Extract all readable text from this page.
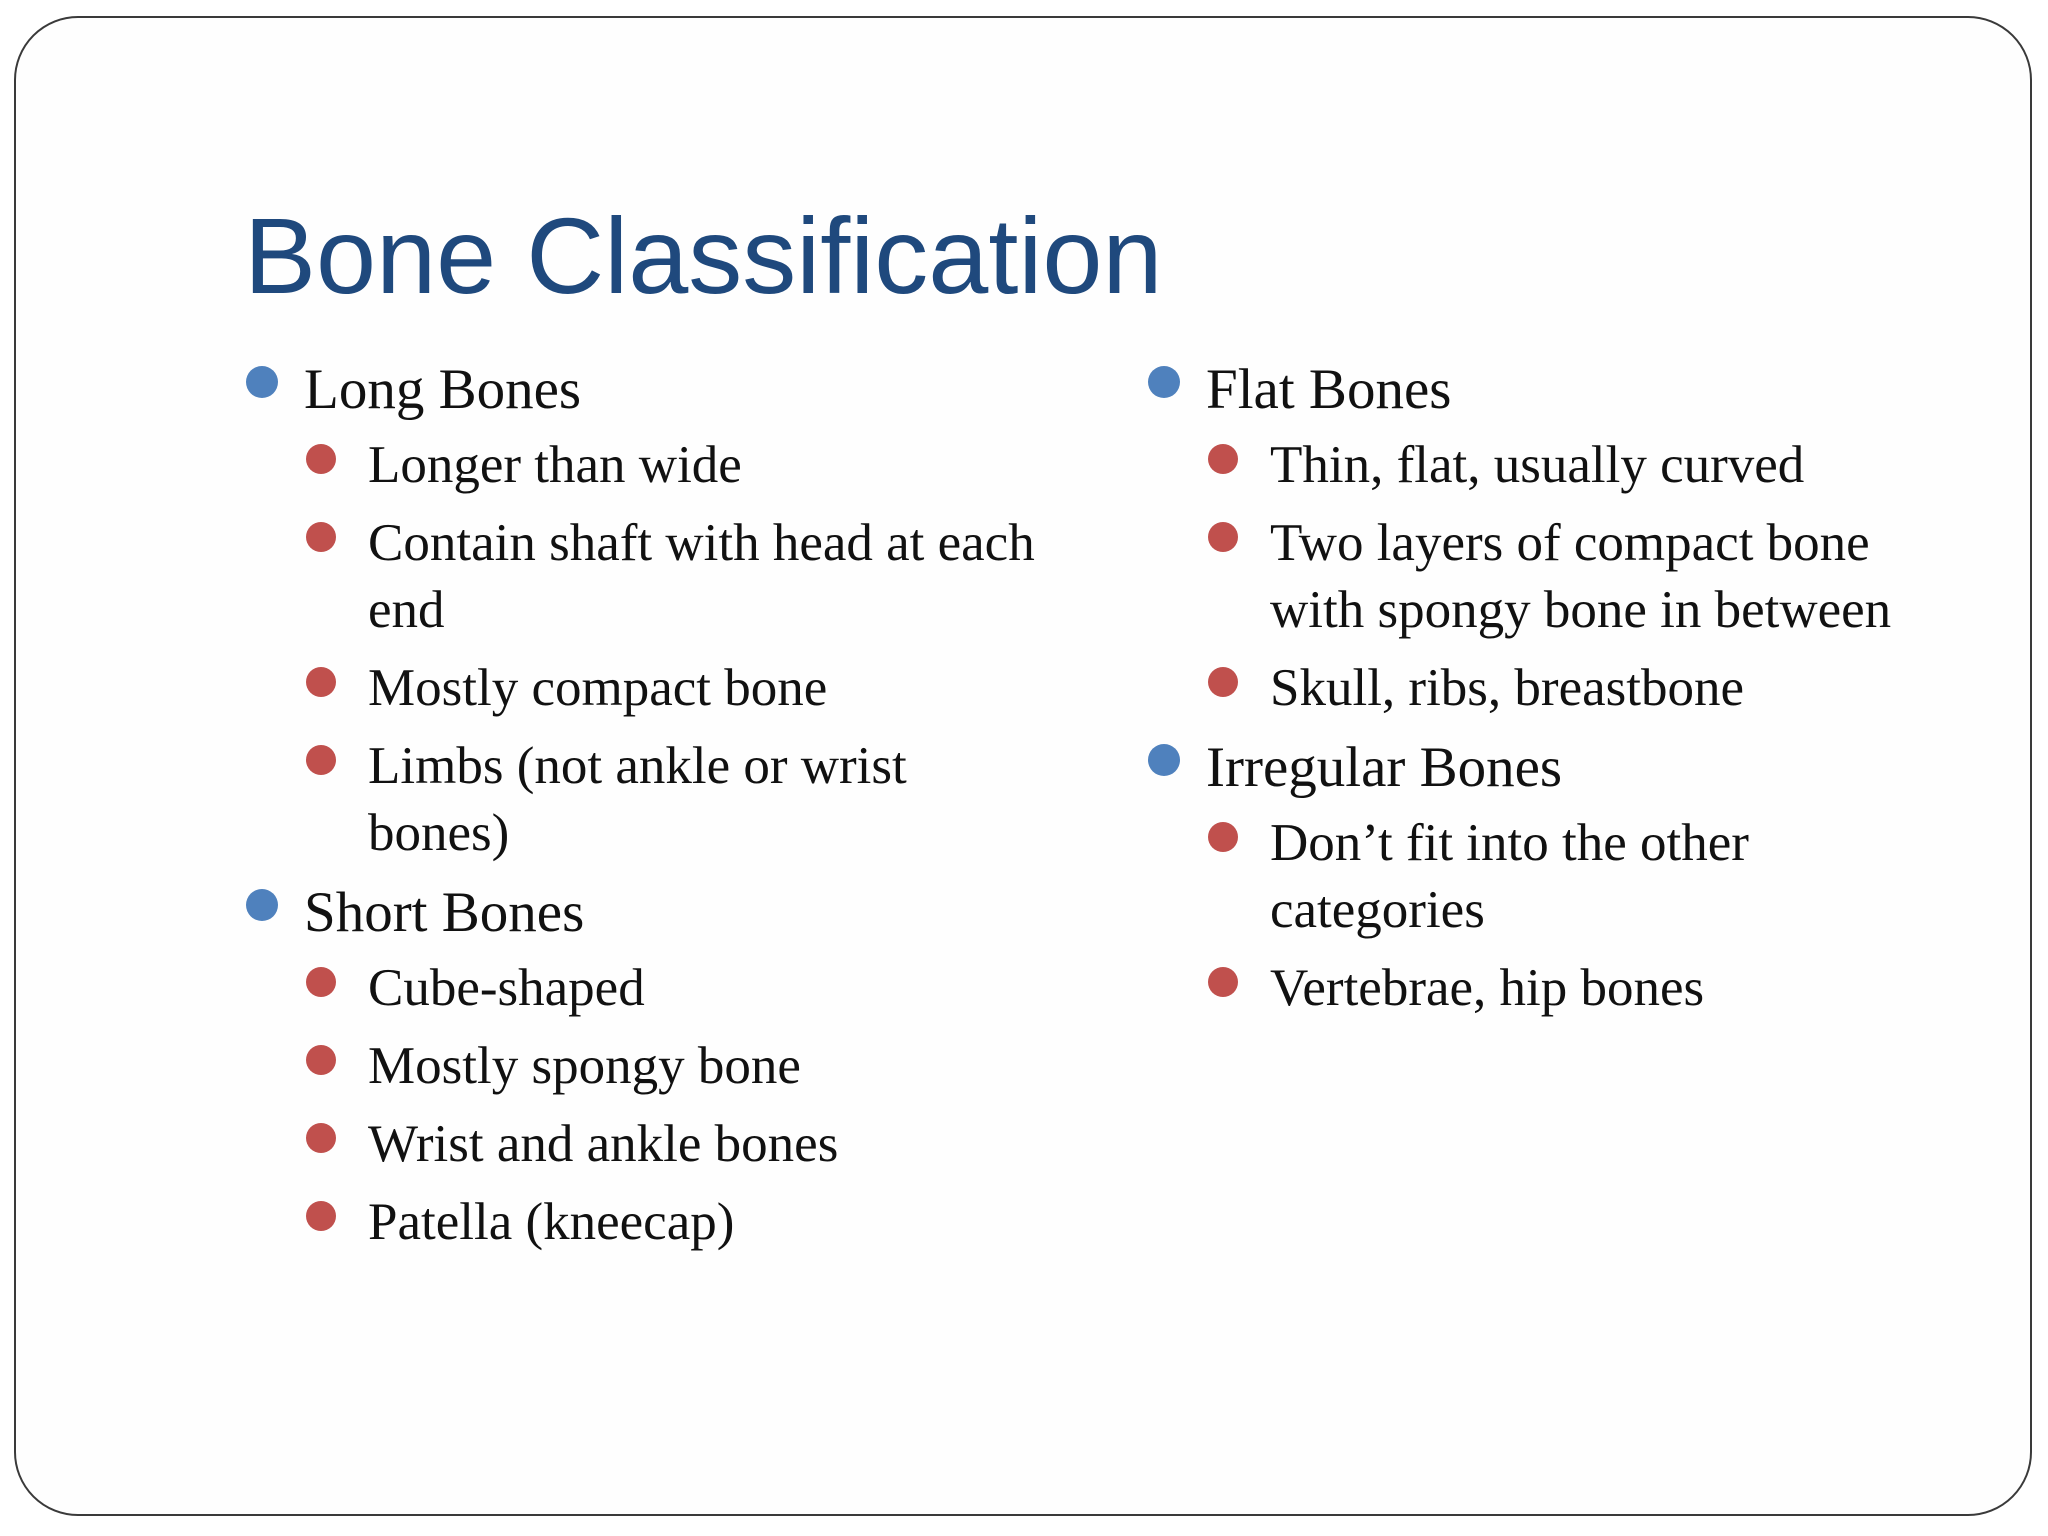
Bone Classification
Long Bones
Longer than wide
Contain shaft with head at each end
Mostly compact bone
Limbs (not ankle or wrist bones)
Short Bones
Cube-shaped
Mostly spongy bone
Wrist and ankle bones
Patella (kneecap)
Flat Bones
Thin, flat, usually curved
Two layers of compact bone with spongy bone in between
Skull, ribs, breastbone
Irregular Bones
Don’t fit into the other categories
Vertebrae, hip bones
